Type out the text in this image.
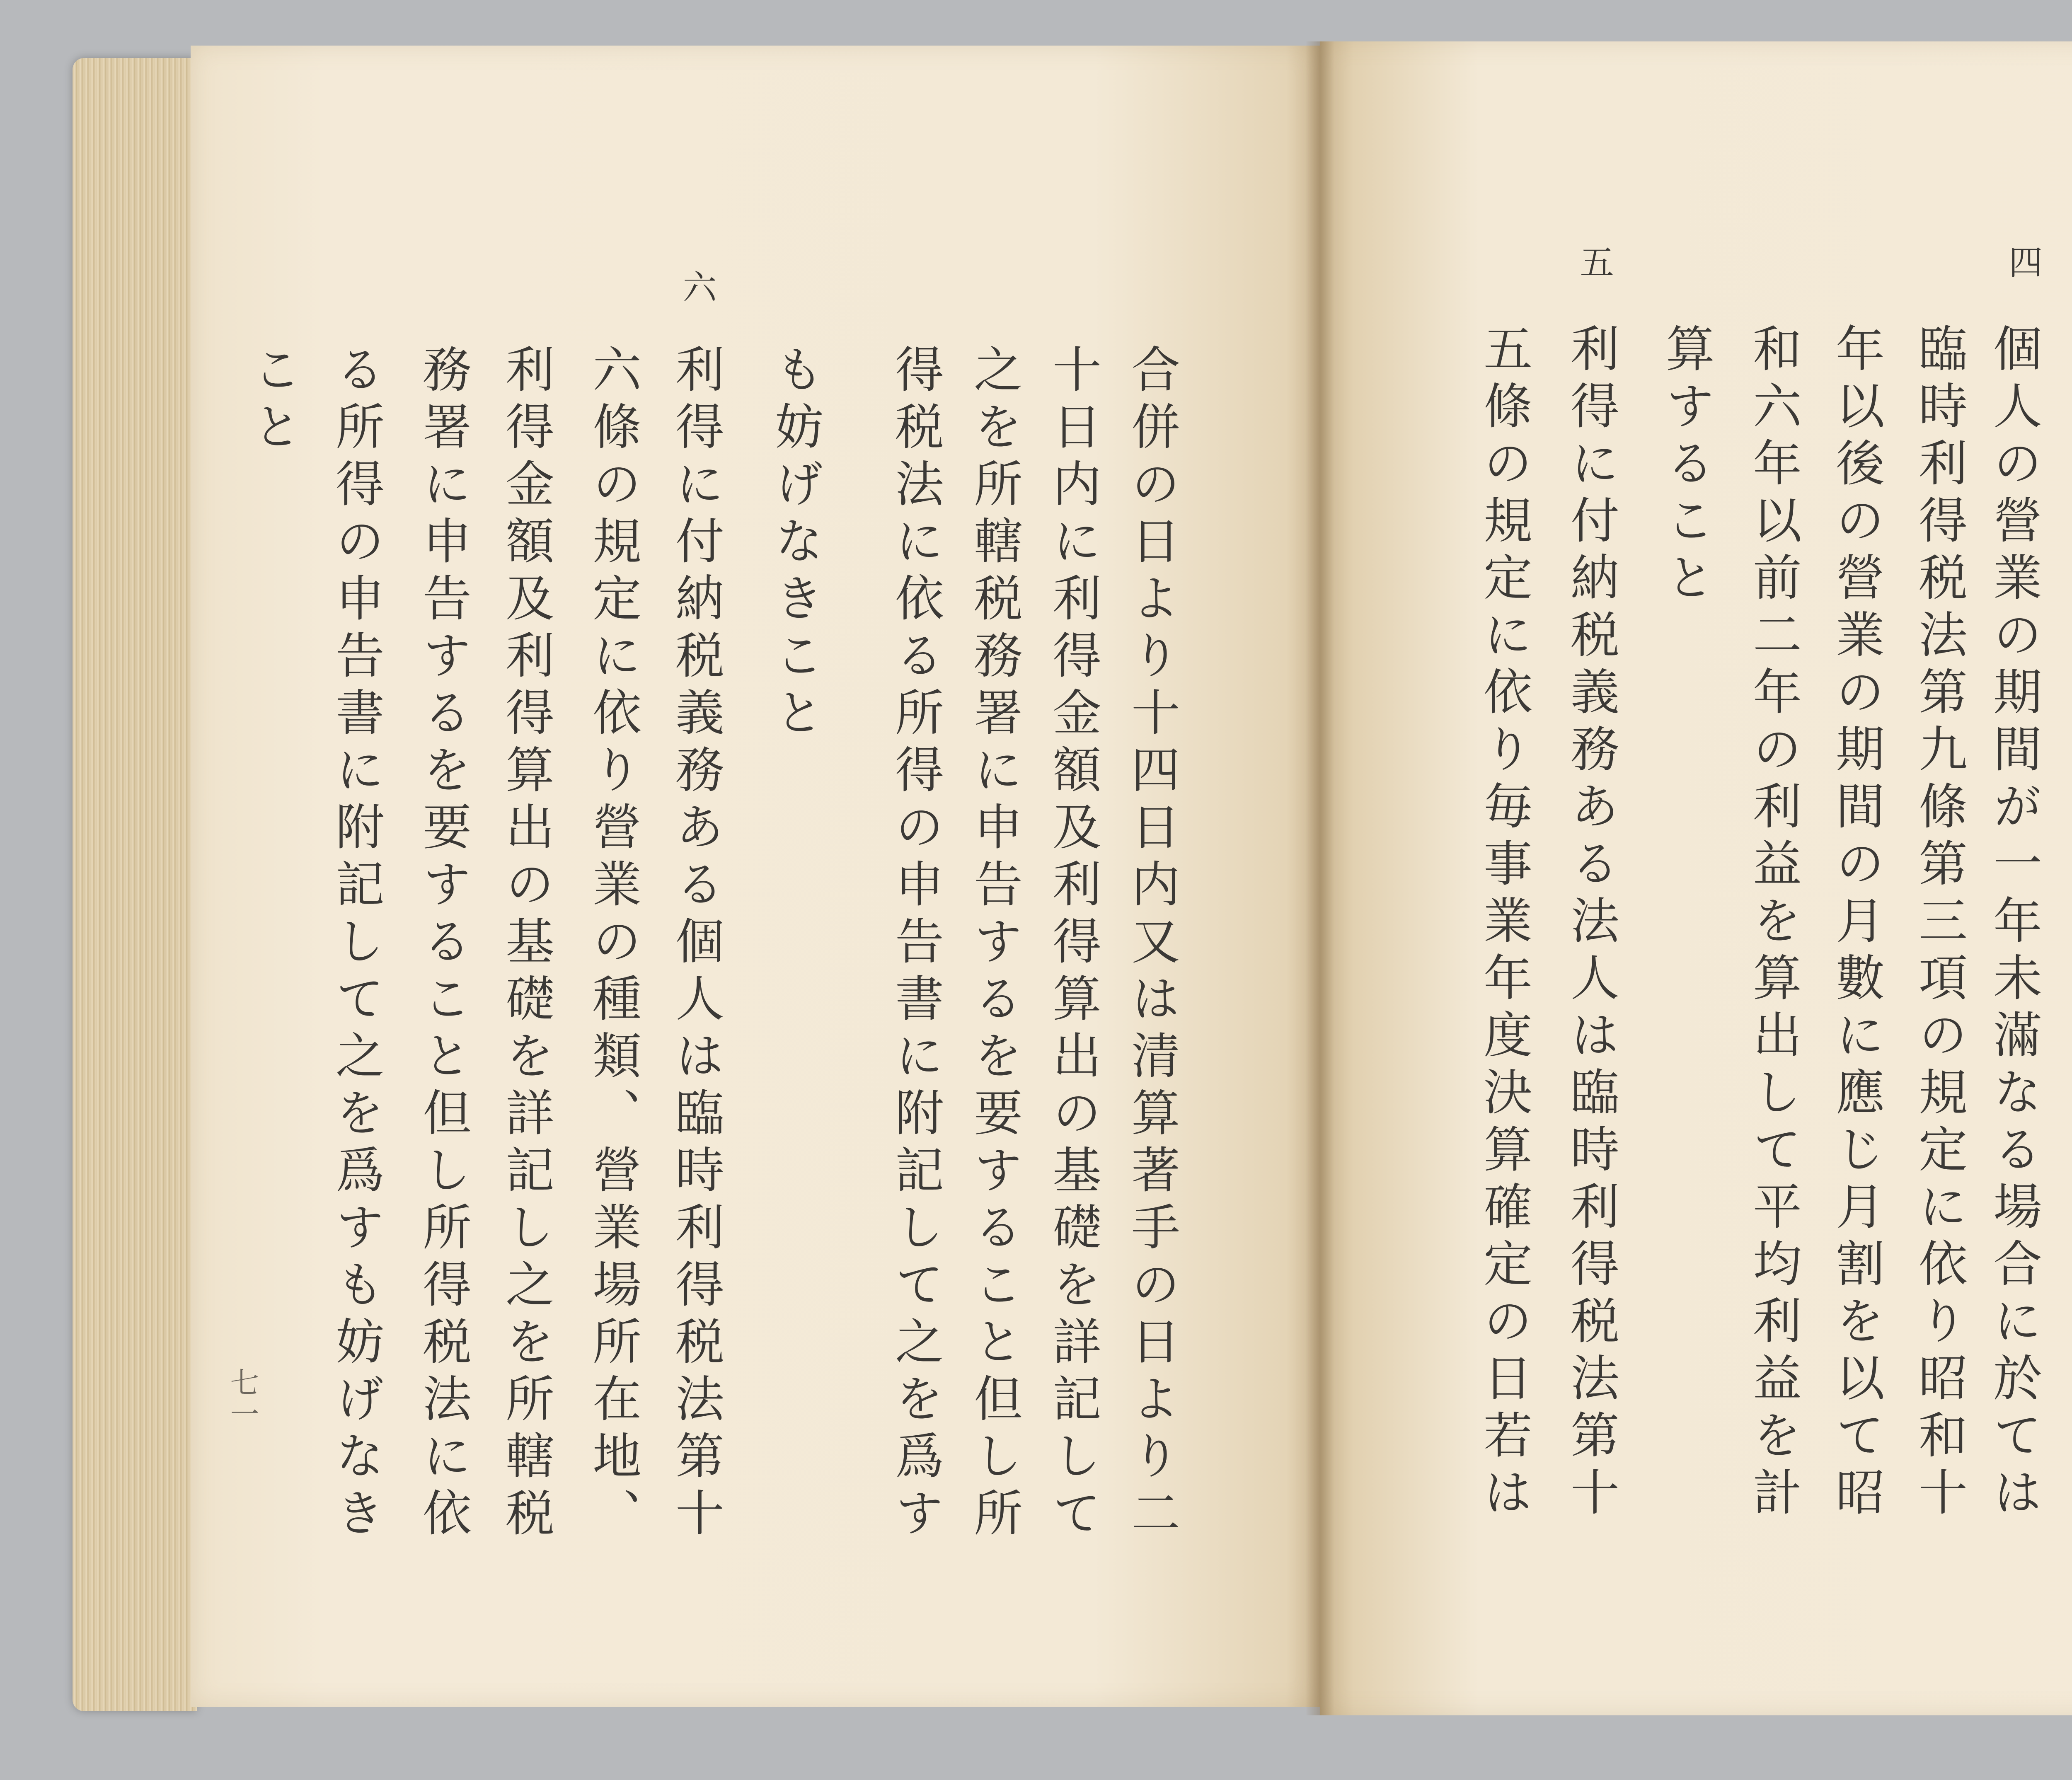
四
五
個人の營業の期間が一年未滿なる場合に於ては
臨時利得税法第九條第三項の規定に依り昭和十
年以後の營業の期間の月數に應じ月割を以て昭
和六年以前二年の利益を算出して平均利益を計
算すること
利得に付納税義務ある法人は臨時利得税法第十
五條の規定に依り毎事業年度決算確定の日若は
七一
六
合併の日より十四日内又は清算著手の日より二
十日内に利得金額及利得算出の基礎を詳記して
之を所轄税務署に申告するを要すること但し所
得税法に依る所得の申告書に附記して之を爲す
も妨げなきこと
利得に付納税義務ある個人は臨時利得税法第十
六條の規定に依り營業の種類、營業場所在地、
利得金額及利得算出の基礎を詳記し之を所轄税
務署に申告するを要すること但し所得税法に依
る所得の申告書に附記して之を爲すも妨げなき
こと
